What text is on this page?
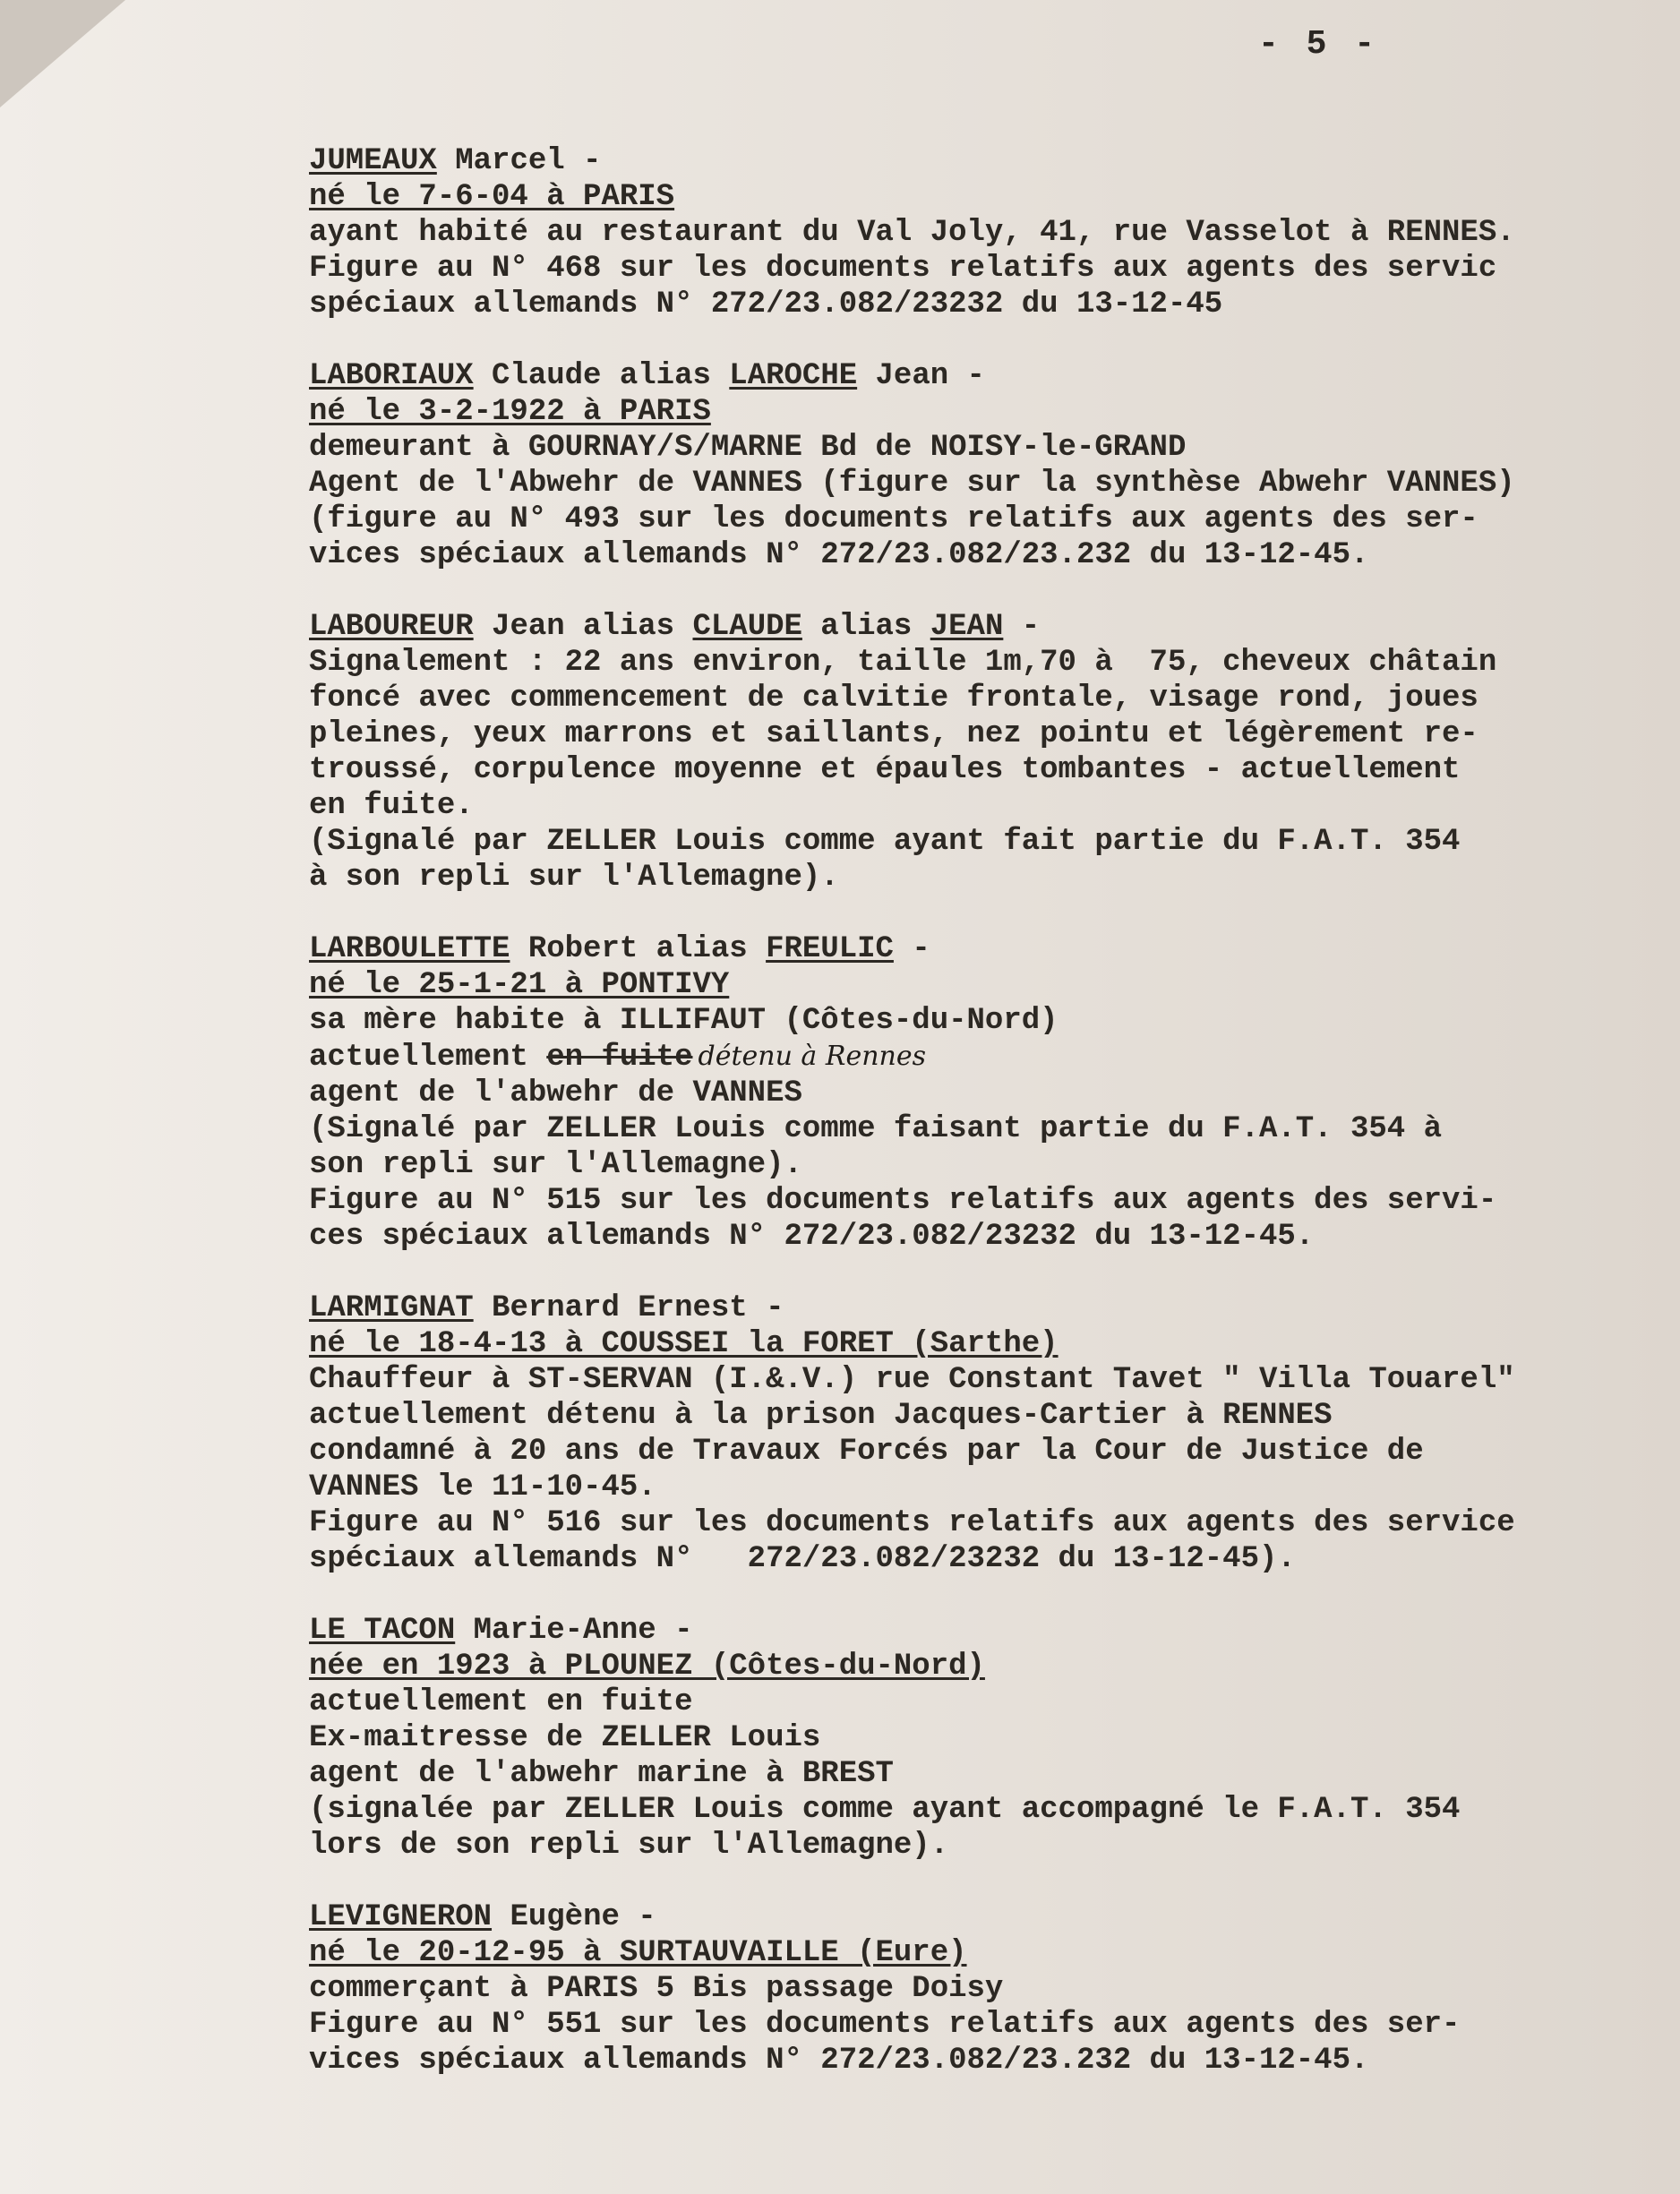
- 5 -
JUMEAUX Marcel -
né le 7-6-04 à PARIS
ayant habité au restaurant du Val Joly, 41, rue Vasselot à RENNES.
Figure au N° 468 sur les documents relatifs aux agents des servic
spéciaux allemands N° 272/23.082/23232 du 13-12-45
LABORIAUX Claude alias LAROCHE Jean -
né le 3-2-1922 à PARIS
demeurant à GOURNAY/S/MARNE Bd de NOISY-le-GRAND
Agent de l'Abwehr de VANNES (figure sur la synthèse Abwehr VANNES)
(figure au N° 493 sur les documents relatifs aux agents des ser-
vices spéciaux allemands N° 272/23.082/23.232 du 13-12-45.
LABOUREUR Jean alias CLAUDE alias JEAN -
Signalement : 22 ans environ, taille 1m,70 à  75, cheveux châtain
foncé avec commencement de calvitie frontale, visage rond, joues
pleines, yeux marrons et saillants, nez pointu et légèrement re-
troussé, corpulence moyenne et épaules tombantes - actuellement
en fuite.
(Signalé par ZELLER Louis comme ayant fait partie du F.A.T. 354
à son repli sur l'Allemagne).
LARBOULETTE Robert alias FREULIC -
né le 25-1-21 à PONTIVY
sa mère habite à ILLIFAUT (Côtes-du-Nord)
actuellement en fuite détenu à Rennes
agent de l'abwehr de VANNES
(Signalé par ZELLER Louis comme faisant partie du F.A.T. 354 à
son repli sur l'Allemagne).
Figure au N° 515 sur les documents relatifs aux agents des servi-
ces spéciaux allemands N° 272/23.082/23232 du 13-12-45.
LARMIGNAT Bernard Ernest -
né le 18-4-13 à COUSSEI la FORET (Sarthe)
Chauffeur à ST-SERVAN (I.&.V.) rue Constant Tavet " Villa Touarel"
actuellement détenu à la prison Jacques-Cartier à RENNES
condamné à 20 ans de Travaux Forcés par la Cour de Justice de
VANNES le 11-10-45.
Figure au N° 516 sur les documents relatifs aux agents des service
spéciaux allemands N°   272/23.082/23232 du 13-12-45).
LE TACON Marie-Anne -
née en 1923 à PLOUNEZ (Côtes-du-Nord)
actuellement en fuite
Ex-maitresse de ZELLER Louis
agent de l'abwehr marine à BREST
(signalée par ZELLER Louis comme ayant accompagné le F.A.T. 354
lors de son repli sur l'Allemagne).
LEVIGNERON Eugène -
né le 20-12-95 à SURTAUVAILLE (Eure)
commerçant à PARIS 5 Bis passage Doisy
Figure au N° 551 sur les documents relatifs aux agents des ser-
vices spéciaux allemands N° 272/23.082/23.232 du 13-12-45.
